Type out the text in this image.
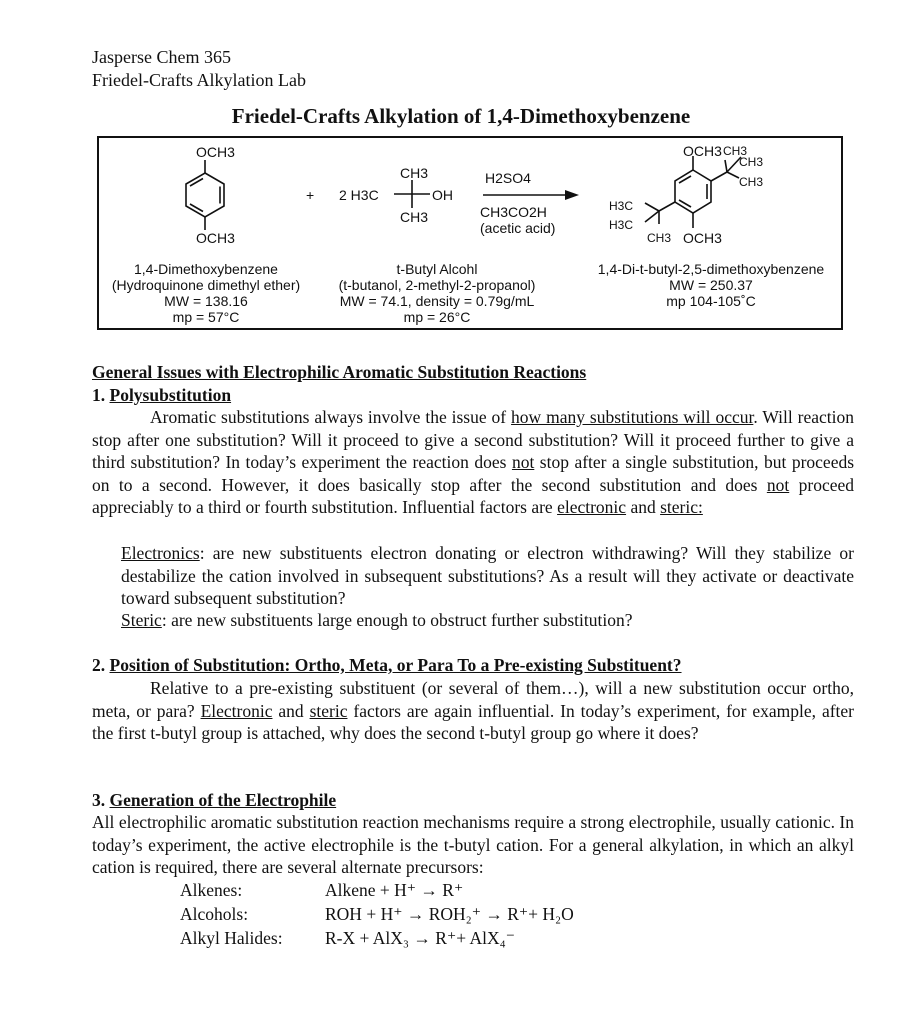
Jasperse Chem 365
Friedel-Crafts Alkylation Lab
Friedel-Crafts Alkylation of 1,4-Dimethoxybenzene
OCH3
OCH3
+ 2 H3C
CH3
CH3
OH
H2SO4
CH3CO2H
(acetic acid)
OCH3 CH3
CH3
CH3
H3C
H3C
CH3 OCH3
1,4-Dimethoxybenzene
(Hydroquinone dimethyl ether)
MW = 138.16
mp = 57°C
t-Butyl Alcohl
(t-butanol, 2-methyl-2-propanol)
MW = 74.1, density = 0.79g/mL
mp = 26°C
1,4-Di-t-butyl-2,5-dimethoxybenzene
MW = 250.37
mp 104-105˚C
General Issues with Electrophilic Aromatic Substitution Reactions
1. Polysubstitution
Aromatic substitutions always involve the issue of how many substitutions will occur. Will reaction stop after one substitution? Will it proceed to give a second substitution? Will it proceed further to give a third substitution? In today’s experiment the reaction does not stop after a single substitution, but proceeds on to a second. However, it does basically stop after the second substitution and does not proceed appreciably to a third or fourth substitution. Influential factors are electronic and steric:
Electronics: are new substituents electron donating or electron withdrawing? Will they stabilize or destabilize the cation involved in subsequent substitutions? As a result will they activate or deactivate toward subsequent substitution?
Steric: are new substituents large enough to obstruct further substitution?
2. Position of Substitution: Ortho, Meta, or Para To a Pre-existing Substituent?
Relative to a pre-existing substituent (or several of them…), will a new substitution occur ortho, meta, or para? Electronic and steric factors are again influential. In today’s experiment, for example, after the first t-butyl group is attached, why does the second t-butyl group go where it does?
3. Generation of the Electrophile
All electrophilic aromatic substitution reaction mechanisms require a strong electrophile, usually cationic. In today’s experiment, the active electrophile is the t-butyl cation. For a general alkylation, in which an alkyl cation is required, there are several alternate precursors:
Alkenes:	Alkene + H⁺ → R⁺
Alcohols:	ROH + H⁺ → ROH₂⁺ → R⁺+ H₂O
Alkyl Halides: R-X + AlX₃ → R⁺+ AlX₄⁻
